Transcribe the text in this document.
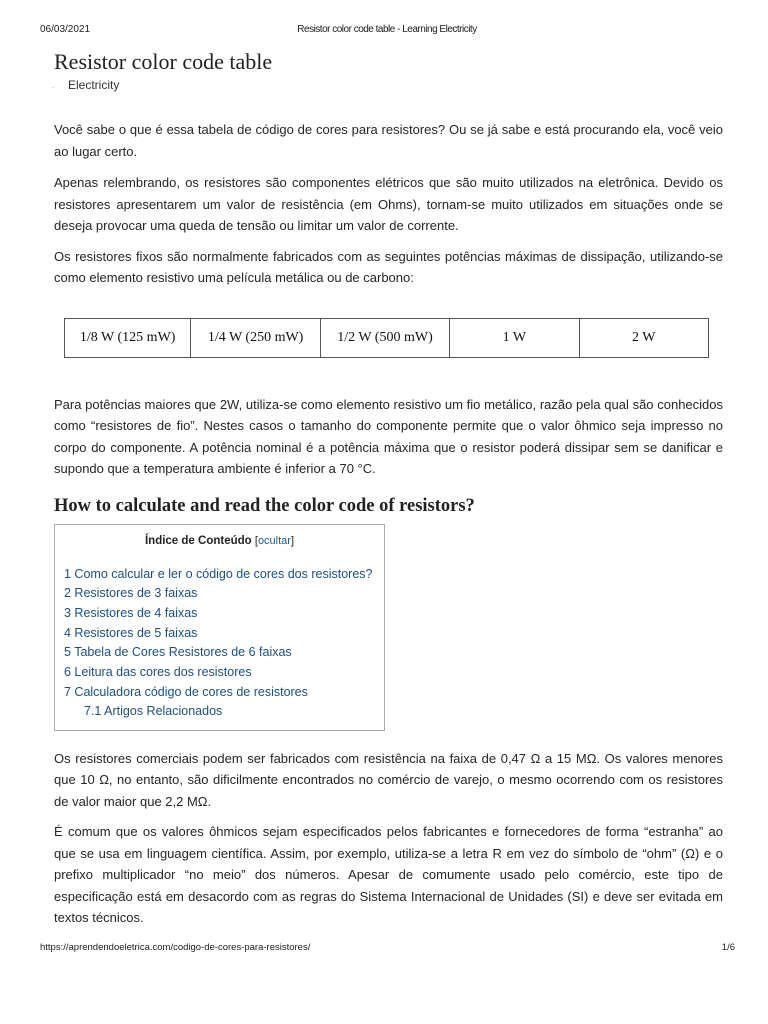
06/03/2021	Resistor color code table - Learning Electricity
Resistor color code table
. Electricity

Você sabe o que é essa tabela de código de cores para resistores? Ou se já sabe e está procurando ela, você veio ao lugar certo.

Apenas relembrando, os resistores são componentes elétricos que são muito utilizados na eletrônica. Devido os resistores apresentarem um valor de resistência (em Ohms), tornam-se muito utilizados em situações onde se deseja provocar uma queda de tensão ou limitar um valor de corrente.

Os resistores fixos são normalmente fabricados com as seguintes potências máximas de dissipação, utilizando-se como elemento resistivo uma película metálica ou de carbono:

1/8 W (125 mW)	1/4 W (250 mW)	1/2 W (500 mW)	1 W	2 W

Para potências maiores que 2W, utiliza-se como elemento resistivo um fio metálico, razão pela qual são conhecidos como “resistores de fio”. Nestes casos o tamanho do componente permite que o valor ôhmico seja impresso no corpo do componente. A potência nominal é a potência máxima que o resistor poderá dissipar sem se danificar e supondo que a temperatura ambiente é inferior a 70 °C.

How to calculate and read the color code of resistors?
Índice de Conteúdo [ocultar]
1 Como calcular e ler o código de cores dos resistores?
2 Resistores de 3 faixas
3 Resistores de 4 faixas
4 Resistores de 5 faixas
5 Tabela de Cores Resistores de 6 faixas
6 Leitura das cores dos resistores
7 Calculadora código de cores de resistores
7.1 Artigos Relacionados

Os resistores comerciais podem ser fabricados com resistência na faixa de 0,47 Ω a 15 MΩ. Os valores menores que 10 Ω, no entanto, são dificilmente encontrados no comércio de varejo, o mesmo ocorrendo com os resistores de valor maior que 2,2 MΩ.

É comum que os valores ôhmicos sejam especificados pelos fabricantes e fornecedores de forma “estranha” ao que se usa em linguagem científica. Assim, por exemplo, utiliza-se a letra R em vez do símbolo de “ohm” (Ω) e o prefixo multiplicador “no meio” dos números. Apesar de comumente usado pelo comércio, este tipo de especificação está em desacordo com as regras do Sistema Internacional de Unidades (SI) e deve ser evitada em textos técnicos.

https://aprendendoeletrica.com/codigo-de-cores-para-resistores/	1/6
